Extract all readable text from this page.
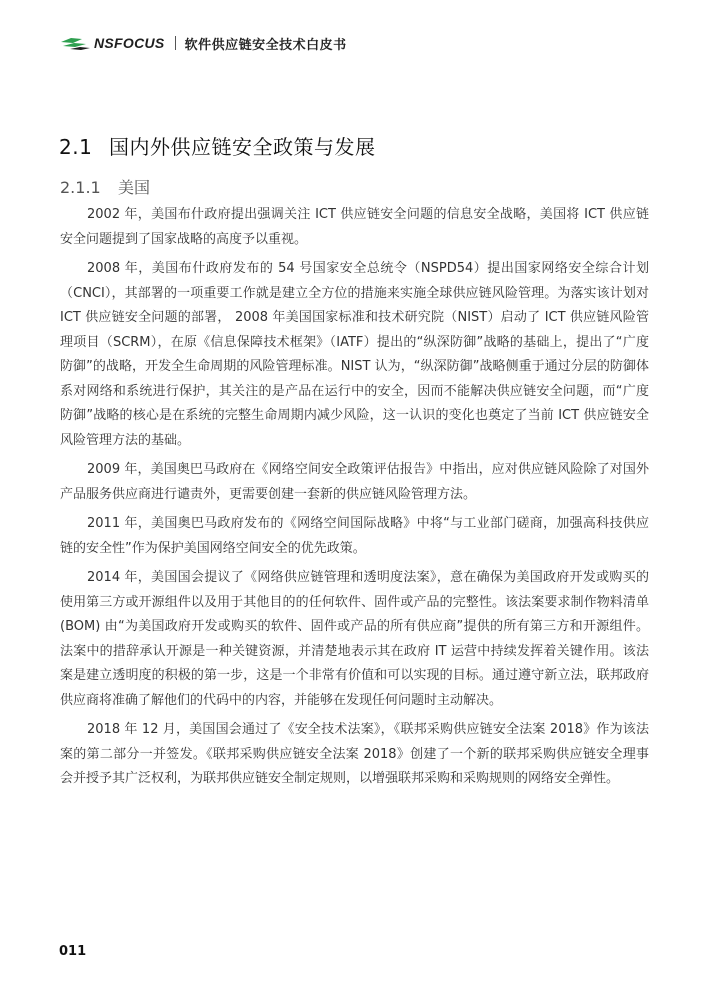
NSFOCUS 软件供应链安全技术白皮书
2.1 国内外供应链安全政策与发展
2.1.1 美国

2002 年，美国布什政府提出强调关注 ICT 供应链安全问题的信息安全战略，美国将 ICT 供应链安全问题提到了国家战略的高度予以重视。

2008 年，美国布什政府发布的 54 号国家安全总统令（NSPD54）提出国家网络安全综合计划（CNCI），其部署的一项重要工作就是建立全方位的措施来实施全球供应链风险管理。为落实该计划对 ICT 供应链安全问题的部署， 2008 年美国国家标准和技术研究院（NIST）启动了 ICT 供应链风险管理项目（SCRM），在原《信息保障技术框架》（IATF）提出的“纵深防御”战略的基础上，提出了“广度防御”的战略，开发全生命周期的风险管理标准。NIST 认为，“纵深防御”战略侧重于通过分层的防御体系对网络和系统进行保护，其关注的是产品在运行中的安全，因而不能解决供应链安全问题，而“广度防御”战略的核心是在系统的完整生命周期内减少风险，这一认识的变化也奠定了当前 ICT 供应链安全风险管理方法的基础。

2009 年，美国奥巴马政府在《网络空间安全政策评估报告》中指出，应对供应链风险除了对国外产品服务供应商进行谴责外，更需要创建一套新的供应链风险管理方法。

2011 年，美国奥巴马政府发布的《网络空间国际战略》中将“与工业部门磋商，加强高科技供应链的安全性”作为保护美国网络空间安全的优先政策。

2014 年，美国国会提议了《网络供应链管理和透明度法案》，意在确保为美国政府开发或购买的使用第三方或开源组件以及用于其他目的的任何软件、固件或产品的完整性。该法案要求制作物料清单 (BOM) 由“为美国政府开发或购买的软件、固件或产品的所有供应商”提供的所有第三方和开源组件。法案中的措辞承认开源是一种关键资源，并清楚地表示其在政府 IT 运营中持续发挥着关键作用。该法案是建立透明度的积极的第一步，这是一个非常有价值和可以实现的目标。通过遵守新立法，联邦政府供应商将准确了解他们的代码中的内容，并能够在发现任何问题时主动解决。

2018 年 12 月，美国国会通过了《安全技术法案》，《联邦采购供应链安全法案 2018》作为该法案的第二部分一并签发。《联邦采购供应链安全法案 2018》创建了一个新的联邦采购供应链安全理事会并授予其广泛权利，为联邦供应链安全制定规则，以增强联邦采购和采购规则的网络安全弹性。

011
